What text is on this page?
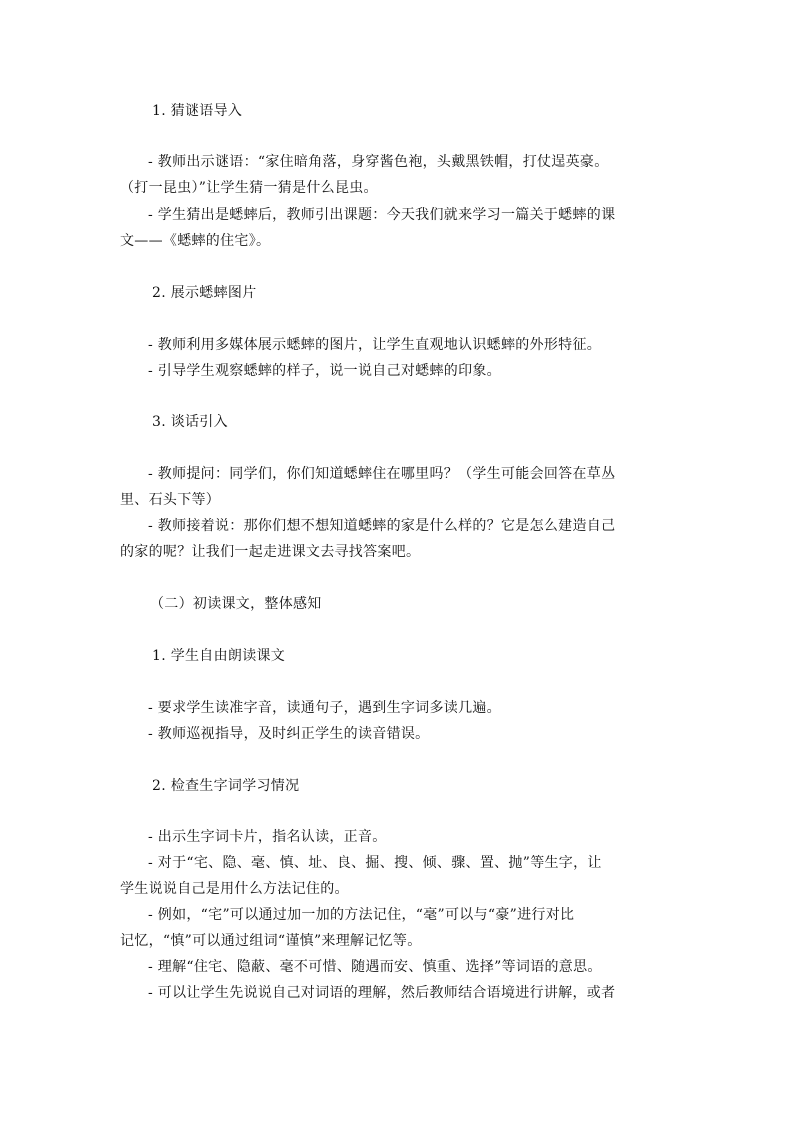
1. 猜谜语导入
- 教师出示谜语：“家住暗角落，身穿酱色袍，头戴黑铁帽，打仗逞英豪。
（打一昆虫）”让学生猜一猜是什么昆虫。
- 学生猜出是蟋蟀后，教师引出课题：今天我们就来学习一篇关于蟋蟀的课
文——《蟋蟀的住宅》。
2. 展示蟋蟀图片
- 教师利用多媒体展示蟋蟀的图片，让学生直观地认识蟋蟀的外形特征。
- 引导学生观察蟋蟀的样子，说一说自己对蟋蟀的印象。
3. 谈话引入
- 教师提问：同学们，你们知道蟋蟀住在哪里吗？（学生可能会回答在草丛
里、石头下等）
- 教师接着说：那你们想不想知道蟋蟀的家是什么样的？它是怎么建造自己
的家的呢？让我们一起走进课文去寻找答案吧。
（二）初读课文，整体感知
1. 学生自由朗读课文
- 要求学生读准字音，读通句子，遇到生字词多读几遍。
- 教师巡视指导，及时纠正学生的读音错误。
2. 检查生字词学习情况
- 出示生字词卡片，指名认读，正音。
- 对于“宅、隐、毫、慎、址、良、掘、搜、倾、骤、置、抛”等生字，让
学生说说自己是用什么方法记住的。
- 例如，“宅”可以通过加一加的方法记住，“毫”可以与“豪”进行对比
记忆，“慎”可以通过组词“谨慎”来理解记忆等。
- 理解“住宅、隐蔽、毫不可惜、随遇而安、慎重、选择”等词语的意思。
- 可以让学生先说说自己对词语的理解，然后教师结合语境进行讲解，或者
